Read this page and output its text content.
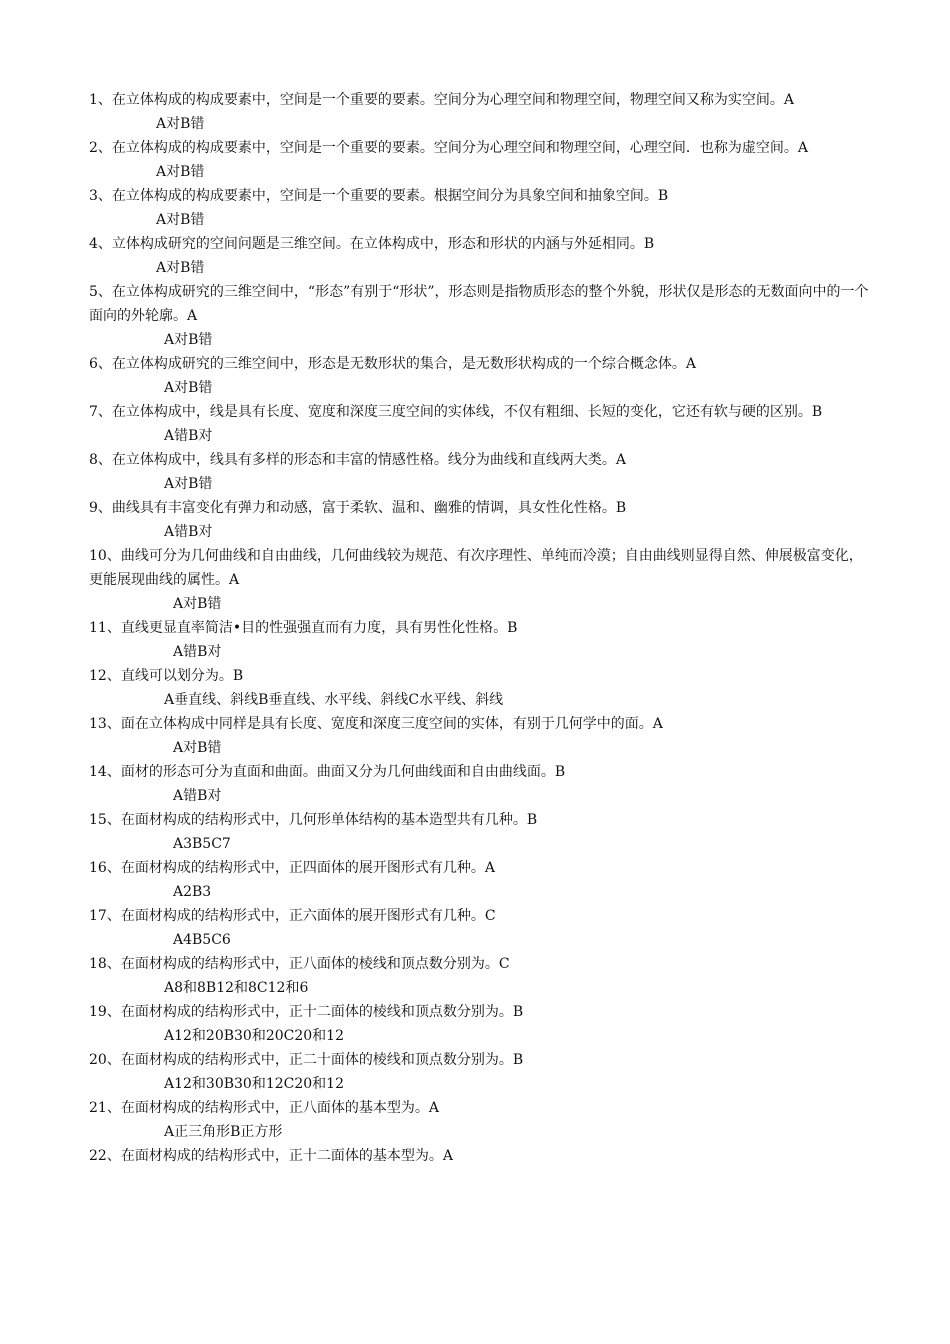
1、在立体构成的构成要素中，空间是一个重要的要素。空间分为心理空间和物理空间，物理空间又称为实空间。A

A对B错

2、在立体构成的构成要素中，空间是一个重要的要素。空间分为心理空间和物理空间，心理空间．也称为虚空间。A

A对B错

3、在立体构成的构成要素中，空间是一个重要的要素。根据空间分为具象空间和抽象空间。B

A对B错

4、立体构成研究的空间问题是三维空间。在立体构成中，形态和形状的内涵与外延相同。B

A对B错

5、在立体构成研究的三维空间中，“形态”有别于“形状”，形态则是指物质形态的整个外貌，形状仅是形态的无数面向中的一个面向的外轮廓。A

A对B错

6、在立体构成研究的三维空间中，形态是无数形状的集合，是无数形状构成的一个综合概念体。A

A对B错

7、在立体构成中，线是具有长度、宽度和深度三度空间的实体线，不仅有粗细、长短的变化，它还有软与硬的区别。B

A错B对

8、在立体构成中，线具有多样的形态和丰富的情感性格。线分为曲线和直线两大类。A

A对B错

9、曲线具有丰富变化有弹力和动感，富于柔软、温和、幽雅的情调，具女性化性格。B

A错B对

10、曲线可分为几何曲线和自由曲线，几何曲线较为规范、有次序理性、单纯而冷漠；自由曲线则显得自然、伸展极富变化，更能展现曲线的属性。A

A对B错

11、直线更显直率简洁•目的性强强直而有力度，具有男性化性格。B

A错B对

12、直线可以划分为。B

A垂直线、斜线B垂直线、水平线、斜线C水平线、斜线

13、面在立体构成中同样是具有长度、宽度和深度三度空间的实体，有别于几何学中的面。A

A对B错

14、面材的形态可分为直面和曲面。曲面又分为几何曲线面和自由曲线面。B

A错B对

15、在面材构成的结构形式中，几何形单体结构的基本造型共有几种。B

A3B5C7

16、在面材构成的结构形式中，正四面体的展开图形式有几种。A

A2B3

17、在面材构成的结构形式中，正六面体的展开图形式有几种。C

A4B5C6

18、在面材构成的结构形式中，正八面体的棱线和顶点数分别为。C

A8和8B12和8C12和6

19、在面材构成的结构形式中，正十二面体的棱线和顶点数分别为。B

A12和20B30和20C20和12

20、在面材构成的结构形式中，正二十面体的棱线和顶点数分别为。B

A12和30B30和12C20和12

21、在面材构成的结构形式中，正八面体的基本型为。A

A正三角形B正方形

22、在面材构成的结构形式中，正十二面体的基本型为。A
